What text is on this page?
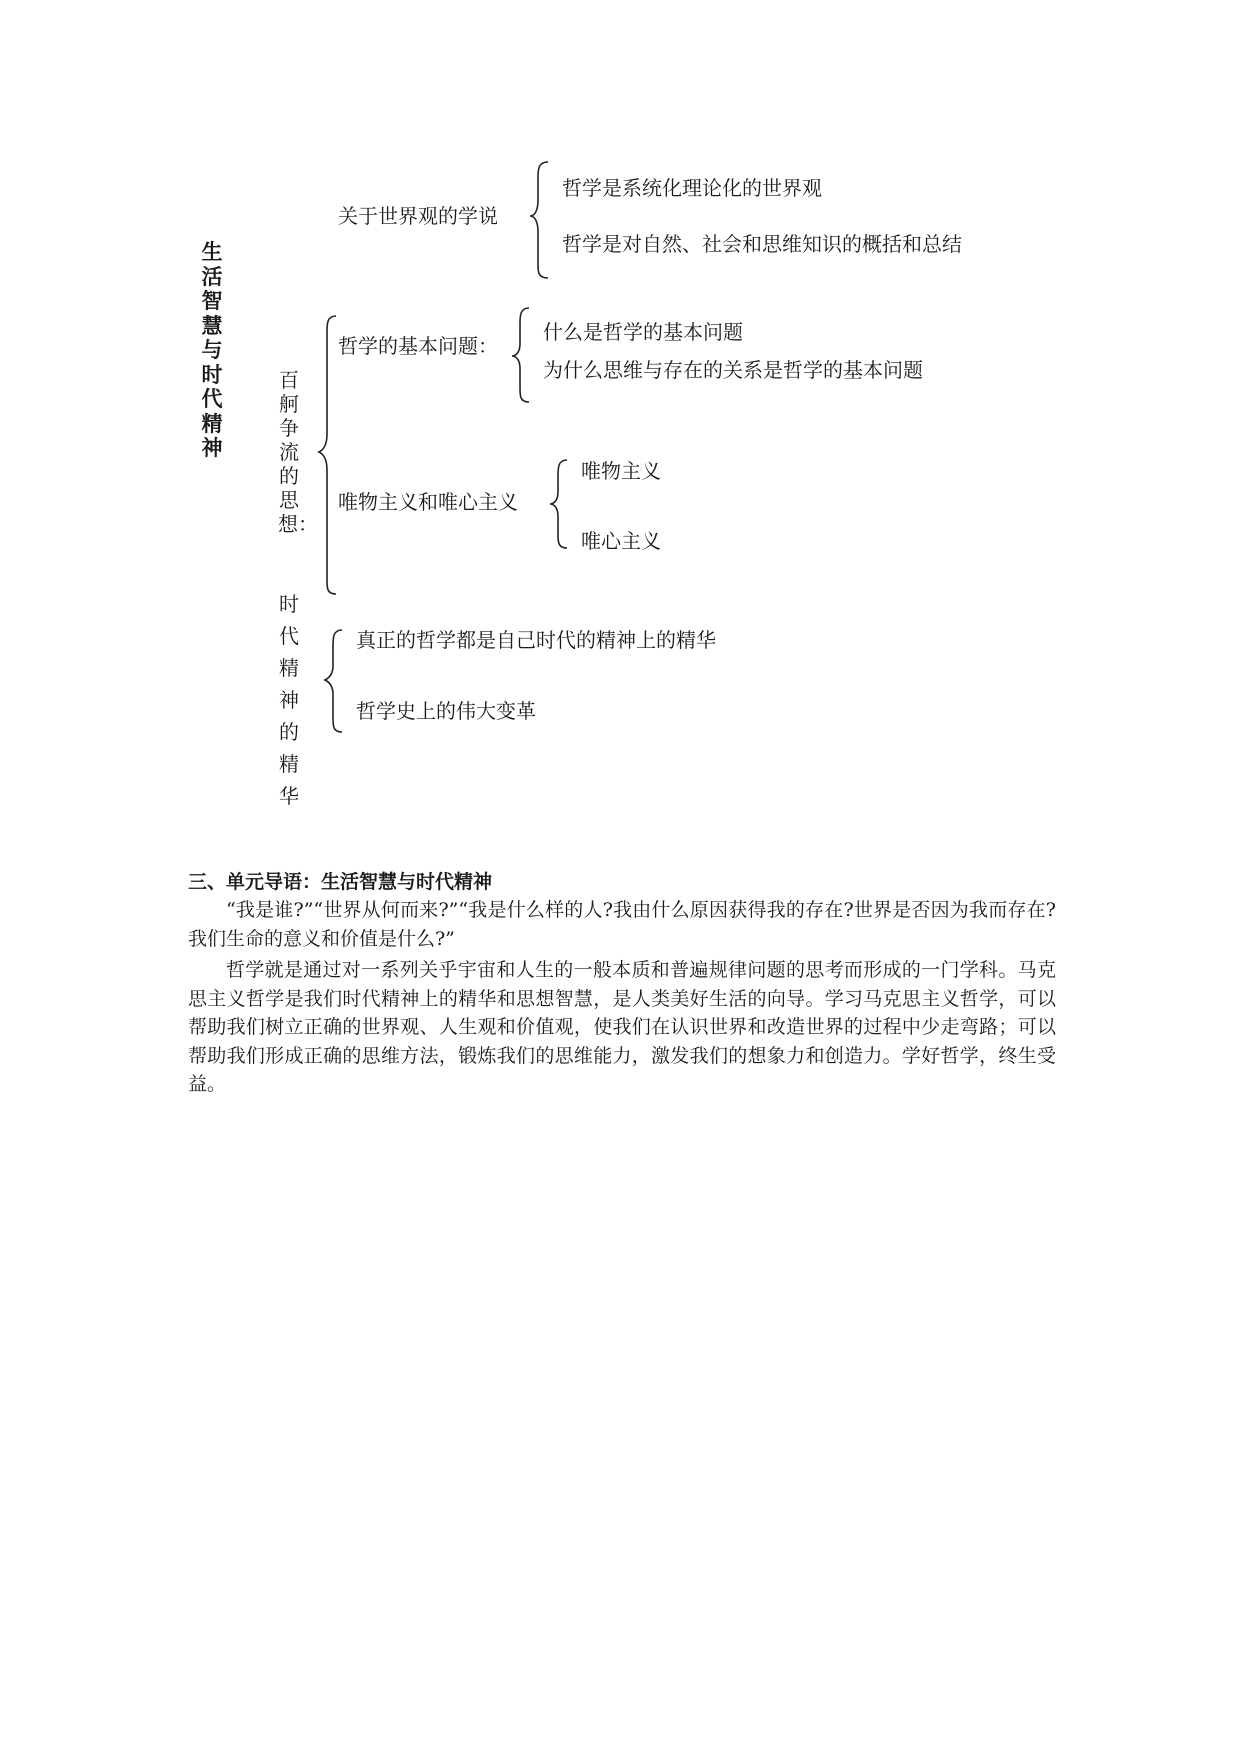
生活智慧与时代精神
关于世界观的学说
哲学是系统化理论化的世界观
哲学是对自然、社会和思维知识的概括和总结
百舸争流的思想：
哲学的基本问题：
什么是哲学的基本问题
为什么思维与存在的关系是哲学的基本问题
唯物主义和唯心主义
唯物主义
唯心主义
时代精神的精华
真正的哲学都是自己时代的精神上的精华
哲学史上的伟大变革
三、单元导语：生活智慧与时代精神
“我是谁?”“世界从何而来?”“我是什么样的人?我由什么原因获得我的存在?世界是否因为我而存在?我们生命的意义和价值是什么?”
哲学就是通过对一系列关乎宇宙和人生的一般本质和普遍规律问题的思考而形成的一门学科。马克思主义哲学是我们时代精神上的精华和思想智慧，是人类美好生活的向导。学习马克思主义哲学，可以帮助我们树立正确的世界观、人生观和价值观，使我们在认识世界和改造世界的过程中少走弯路；可以帮助我们形成正确的思维方法，锻炼我们的思维能力，激发我们的想象力和创造力。学好哲学，终生受益。
